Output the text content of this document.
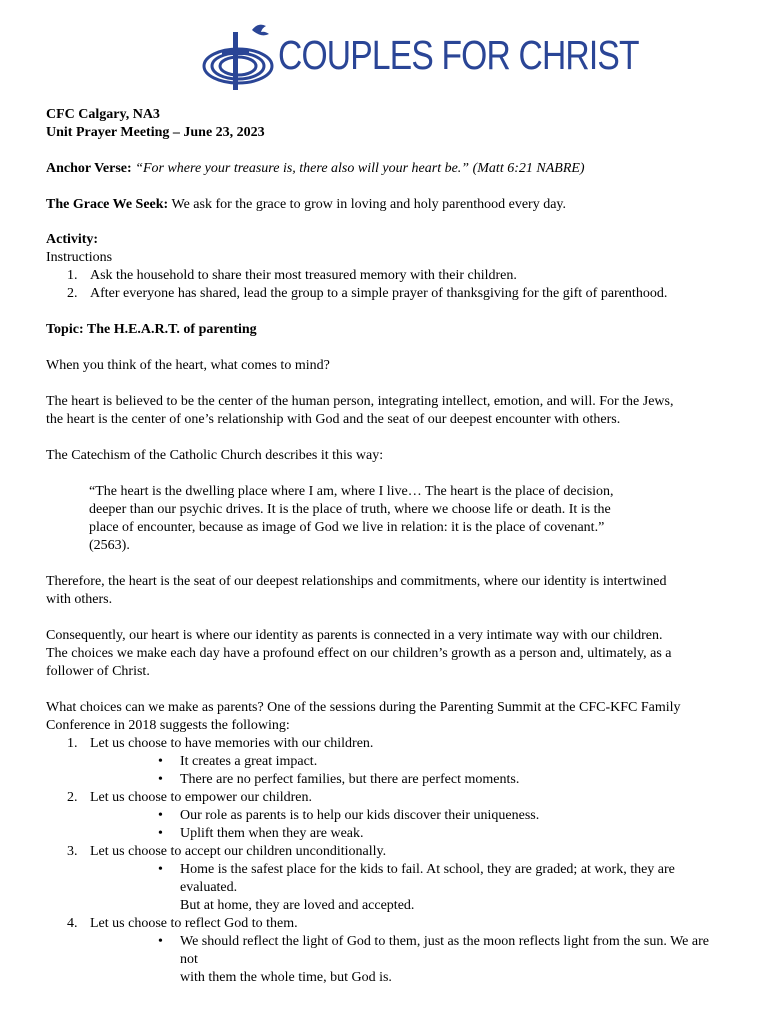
COUPLES FOR CHRIST

CFC Calgary, NA3

Unit Prayer Meeting – June 23, 2023

Anchor Verse: “For where your treasure is, there also will your heart be.” (Matt 6:21 NABRE)

The Grace We Seek: We ask for the grace to grow in loving and holy parenthood every day.

Activity:

Instructions

1. Ask the household to share their most treasured memory with their children.
2. After everyone has shared, lead the group to a simple prayer of thanksgiving for the gift of parenthood.

Topic: The H.E.A.R.T. of parenting

When you think of the heart, what comes to mind?

The heart is believed to be the center of the human person, integrating intellect, emotion, and will. For the Jews,

the heart is the center of one’s relationship with God and the seat of our deepest encounter with others.

The Catechism of the Catholic Church describes it this way:

“The heart is the dwelling place where I am, where I live… The heart is the place of decision,

deeper than our psychic drives. It is the place of truth, where we choose life or death. It is the

place of encounter, because as image of God we live in relation: it is the place of covenant.”

(2563).

Therefore, the heart is the seat of our deepest relationships and commitments, where our identity is intertwined

with others.

Consequently, our heart is where our identity as parents is connected in a very intimate way with our children.

The choices we make each day have a profound effect on our children’s growth as a person and, ultimately, as a

follower of Christ.

What choices can we make as parents? One of the sessions during the Parenting Summit at the CFC-KFC Family

Conference in 2018 suggests the following:

1. Let us choose to have memories with our children.
• It creates a great impact.
• There are no perfect families, but there are perfect moments.
2. Let us choose to empower our children.
• Our role as parents is to help our kids discover their uniqueness.
• Uplift them when they are weak.
3. Let us choose to accept our children unconditionally.
• Home is the safest place for the kids to fail. At school, they are graded; at work, they are evaluated.
But at home, they are loved and accepted.
4. Let us choose to reflect God to them.
• We should reflect the light of God to them, just as the moon reflects light from the sun. We are not
with them the whole time, but God is.
